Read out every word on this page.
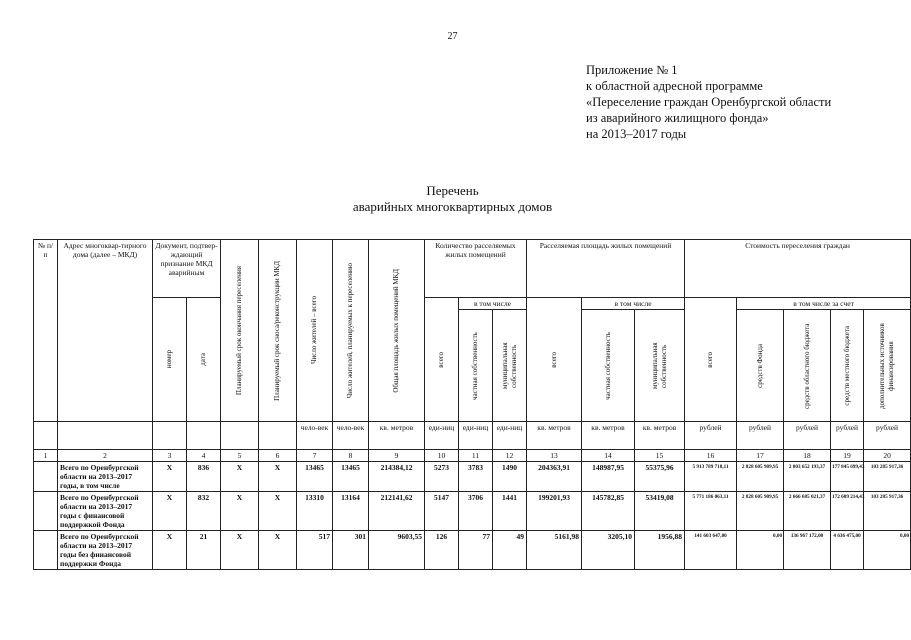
27
Приложение № 1
к областной адресной программе
«Переселение граждан Оренбургской области
из аварийного жилищного фонда»
на 2013–2017 годы
Перечень
аварийных многоквартирных домов
№ п/п	Адрес многоквар-тирного дома (далее – МКД)	Документ, подтвер-ждающий признание МКД аварийным		Планируемый срок окончания переселения	Планируемый срок сноса/реконструкции МКД	Число жителей – всего	Число жителей, планируемых к переселению	Общая площадь жилых помещений МКД	Количество расселяемых жилых помещений			Расселяемая площадь жилых помещений			Стоимость переселения граждан				

		номер	дата						всего	в том числе		всего	в том числе		всего	в том числе за счет			

										частная собственность	муниципальная собственность		частная собственность	муниципальная собственность		средств Фонда	средств областного бюджета	средств местного бюджета	дополнительных источников финансирования

						чело-век	чело-век	кв. метров	еди-ниц	еди-ниц	еди-ниц	кв. метров	кв. метров	кв. метров	рублей	рублей	рублей	рублей	рублей
1	2	3	4	5	6	7	8	9	10	11	12	13	14	15	16	17	18	19	20
	Всего по Оренбургской области на 2013–2017 годы, в том числе	X	836	X	X	13465	13465	214384,12	5273	3783	1490	204363,91	148987,95	55375,96	5 913 789 718,11	2 828 605 909,95	2 803 652 193,37	177 845 699,43	103 285 917,36
	Всего по Оренбургской области на 2013–2017 годы с финансовой поддержкой Фонда	X	832	X	X	13310	13164	212141,62	5147	3706	1441	199201,93	145782,85	53419,08	5 771 186 063,11	2 828 605 909,95	2 666 685 021,37	172 609 214,43	103 285 917,36
	Всего по Оренбургской области на 2013–2017 годы без финансовой поддержки Фонда	X	21	X	X	517	301	9603,55	126	77	49	5161,98	3205,10	1956,88	141 603 647,00	0,00	136 967 172,00	4 636 475,00	0,00
